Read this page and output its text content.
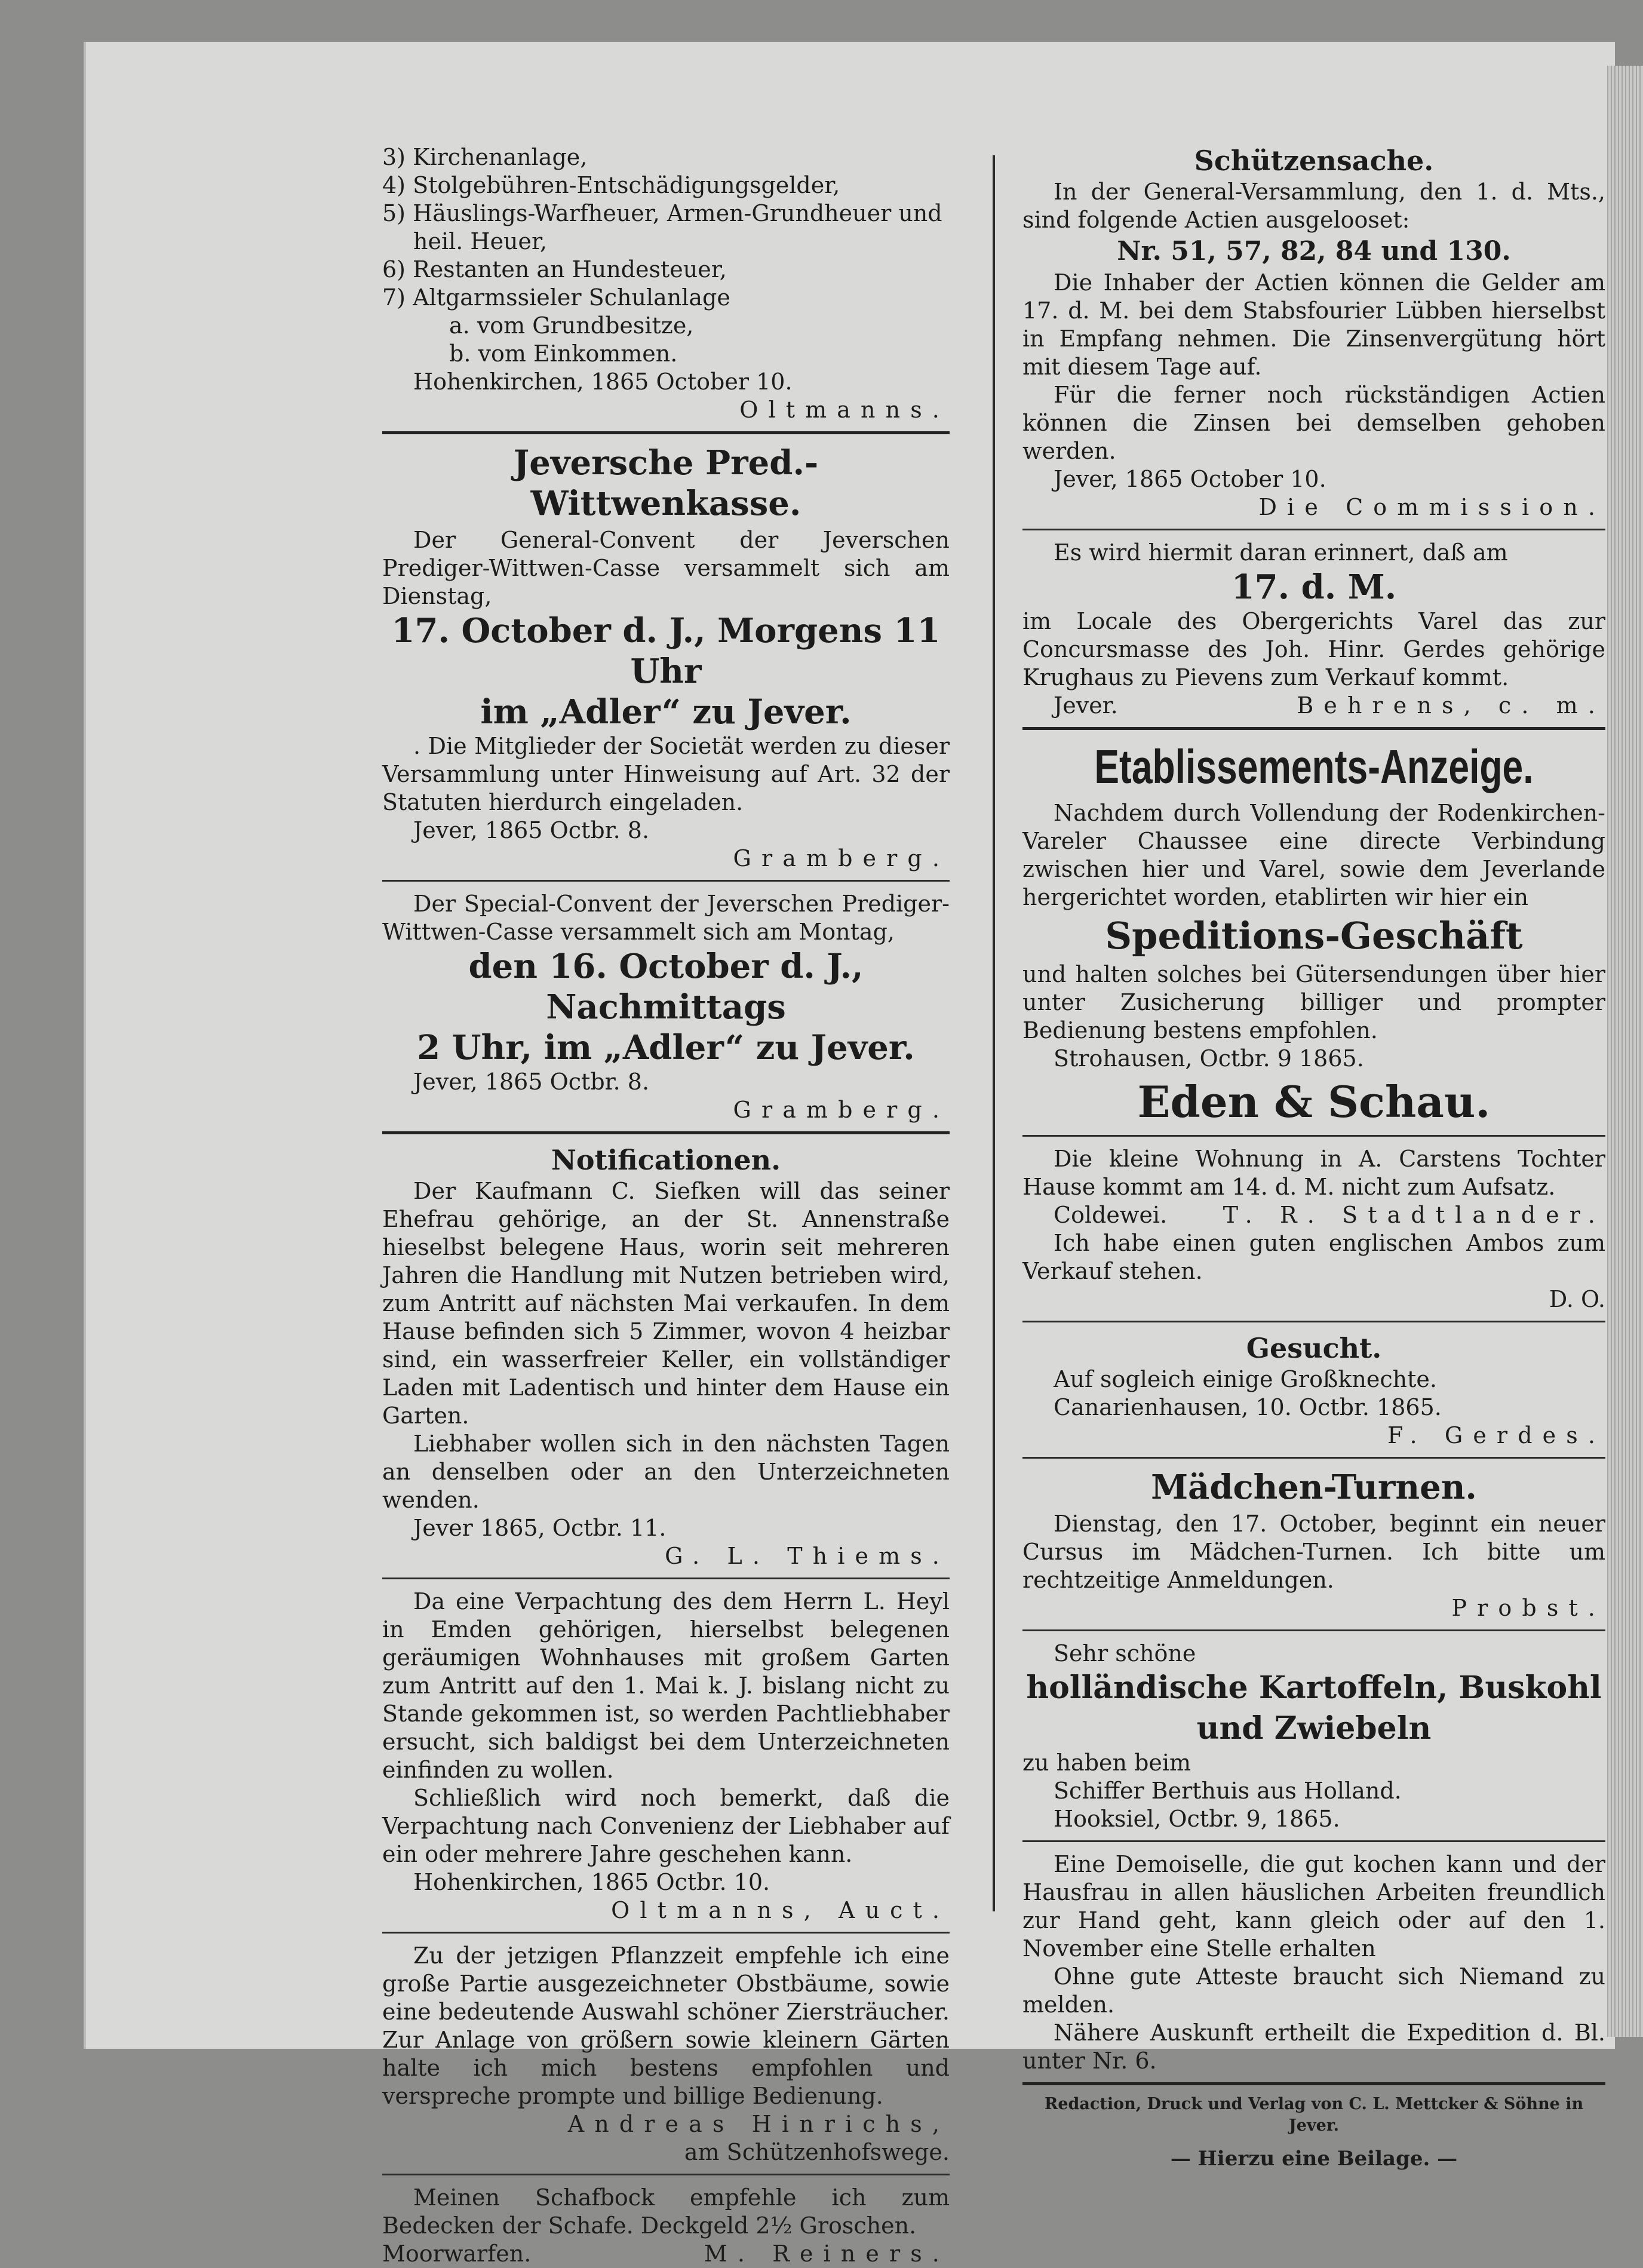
3) Kirchenanlage,

4) Stolgebühren-Entschädigungsgelder,

5) Häuslings-Warfheuer, Armen-Grundheuer und heil. Heuer,

6) Restanten an Hundesteuer,

7) Altgarmssieler Schulanlage

a. vom Grundbesitze,

b. vom Einkommen.

Hohenkirchen, 1865 October 10.

Oltmanns.

Jeversche Pred.-Wittwenkasse.

Der General-Convent der Jeverschen Prediger-Wittwen-Casse versammelt sich am Dienstag,

17. October d. J., Morgens 11 Uhr
im „Adler“ zu Jever.

. Die Mitglieder der Societät werden zu dieser Versammlung unter Hinweisung auf Art. 32 der Statuten hierdurch eingeladen.

Jever, 1865 Octbr. 8.

Gramberg.

Der Special-Convent der Jeverschen Prediger-Wittwen-Casse versammelt sich am Montag,

den 16. October d. J., Nachmittags
2 Uhr, im „Adler“ zu Jever.

Jever, 1865 Octbr. 8.

Gramberg.

Notificationen.

Der Kaufmann C. Siefken will das seiner Ehefrau gehörige, an der St. Annenstraße hieselbst belegene Haus, worin seit mehreren Jahren die Handlung mit Nutzen betrieben wird, zum Antritt auf nächsten Mai verkaufen. In dem Hause befinden sich 5 Zimmer, wovon 4 heizbar sind, ein wasserfreier Keller, ein vollständiger Laden mit Ladentisch und hinter dem Hause ein Garten.

Liebhaber wollen sich in den nächsten Tagen an denselben oder an den Unterzeichneten wenden.

Jever 1865, Octbr. 11.

G. L. Thiems.

Da eine Verpachtung des dem Herrn L. Heyl in Emden gehörigen, hierselbst belegenen geräumigen Wohnhauses mit großem Garten zum Antritt auf den 1. Mai k. J. bislang nicht zu Stande gekommen ist, so werden Pachtliebhaber ersucht, sich baldigst bei dem Unterzeichneten einfinden zu wollen.

Schließlich wird noch bemerkt, daß die Verpachtung nach Convenienz der Liebhaber auf ein oder mehrere Jahre geschehen kann.

Hohenkirchen, 1865 Octbr. 10.

Oltmanns, Auct.

Zu der jetzigen Pflanzzeit empfehle ich eine große Partie ausgezeichneter Obstbäume, sowie eine bedeutende Auswahl schöner Ziersträucher. Zur Anlage von größern sowie kleinern Gärten halte ich mich bestens empfohlen und verspreche prompte und billige Bedienung.

Andreas Hinrichs,

am Schützenhofswege.

Meinen Schafbock empfehle ich zum Bedecken der Schafe. Deckgeld 2½ Groschen.

Moorwarfen.	M. Reiners.

Schützensache.

In der General-Versammlung, den 1. d. Mts., sind folgende Actien ausgelooset:

Nr. 51, 57, 82, 84 und 130.

Die Inhaber der Actien können die Gelder am 17. d. M. bei dem Stabsfourier Lübben hierselbst in Empfang nehmen. Die Zinsenvergütung hört mit diesem Tage auf.

Für die ferner noch rückständigen Actien können die Zinsen bei demselben gehoben werden.

Jever, 1865 October 10.

Die Commission.

Es wird hiermit daran erinnert, daß am

17. d. M.

im Locale des Obergerichts Varel das zur Concursmasse des Joh. Hinr. Gerdes gehörige Krughaus zu Pievens zum Verkauf kommt.

Jever.	Behrens, c. m.

Etablissements-Anzeige.

Nachdem durch Vollendung der Rodenkirchen-Vareler Chaussee eine directe Verbindung zwischen hier und Varel, sowie dem Jeverlande hergerichtet worden, etablirten wir hier ein

Speditions-Geschäft

und halten solches bei Gütersendungen über hier unter Zusicherung billiger und prompter Bedienung bestens empfohlen.

Strohausen, Octbr. 9 1865.

Eden & Schau.

Die kleine Wohnung in A. Carstens Tochter Hause kommt am 14. d. M. nicht zum Aufsatz.

Coldewei. T. R. Stadtlander.

Ich habe einen guten englischen Ambos zum Verkauf stehen.

D. O.

Gesucht.

Auf sogleich einige Großknechte.

Canarienhausen, 10. Octbr. 1865.

F. Gerdes.

Mädchen-Turnen.

Dienstag, den 17. October, beginnt ein neuer Cursus im Mädchen-Turnen. Ich bitte um rechtzeitige Anmeldungen.

Probst.

Sehr schöne

holländische Kartoffeln, Buskohl
und Zwiebeln

zu haben beim

Schiffer Berthuis aus Holland.

Hooksiel, Octbr. 9, 1865.

Eine Demoiselle, die gut kochen kann und der Hausfrau in allen häuslichen Arbeiten freundlich zur Hand geht, kann gleich oder auf den 1. November eine Stelle erhalten

Ohne gute Atteste braucht sich Niemand zu melden.

Nähere Auskunft ertheilt die Expedition d. Bl. unter Nr. 6.

Redaction, Druck und Verlag von C. L. Mettcker & Söhne in Jever.

— Hierzu eine Beilage. —
